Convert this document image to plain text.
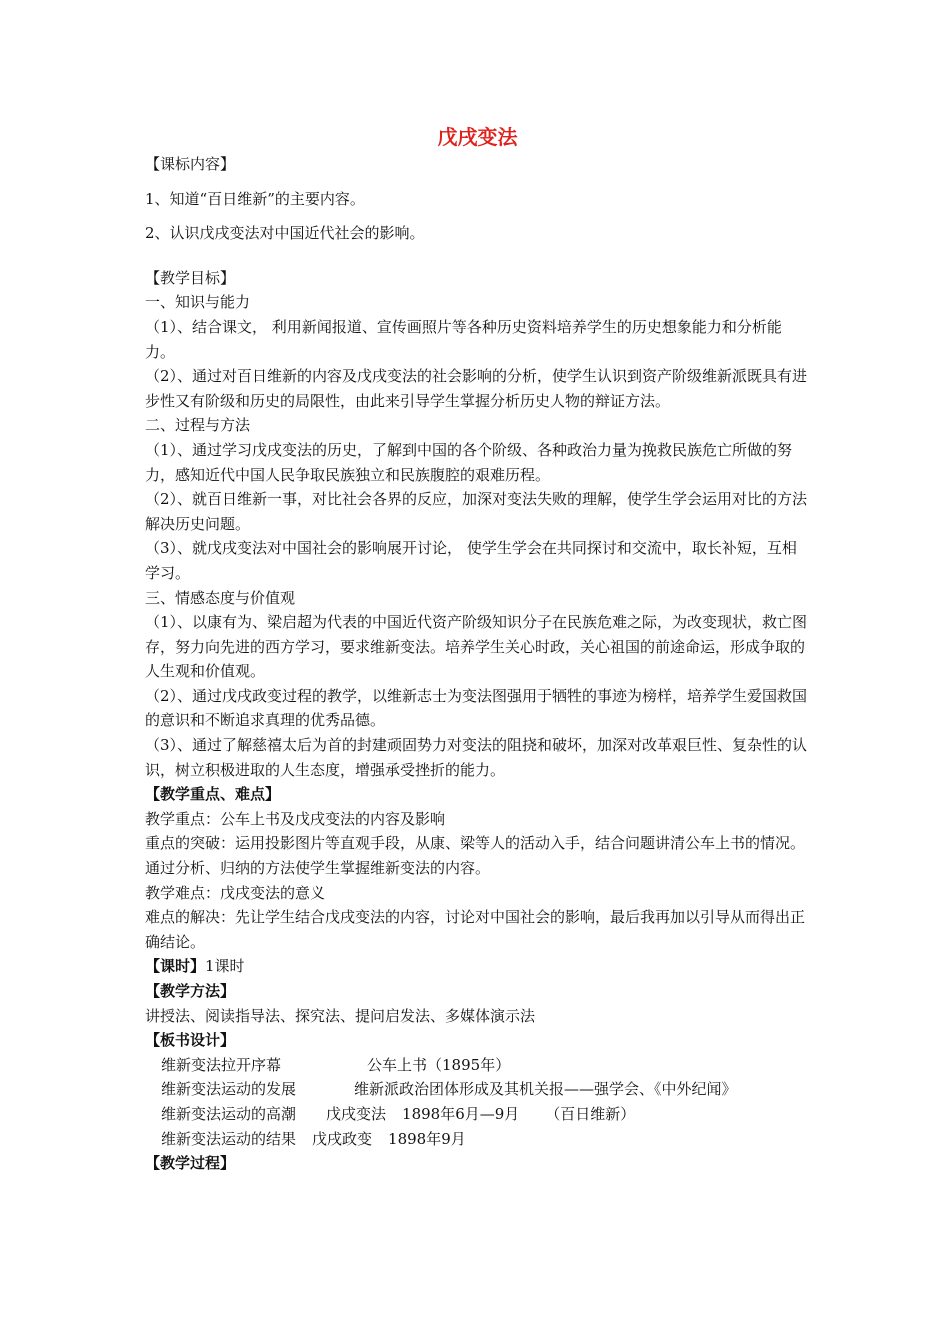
戊戌变法

【课标内容】

1、知道“百日维新”的主要内容。

2、认识戊戌变法对中国近代社会的影响。

【教学目标】

一、知识与能力

（1）、结合课文， 利用新闻报道、宣传画照片等各种历史资料培养学生的历史想象能力和分析能力。

（2）、通过对百日维新的内容及戊戌变法的社会影响的分析，使学生认识到资产阶级维新派既具有进步性又有阶级和历史的局限性，由此来引导学生掌握分析历史人物的辩证方法。

二、过程与方法

（1）、通过学习戊戌变法的历史，了解到中国的各个阶级、各种政治力量为挽救民族危亡所做的努力，感知近代中国人民争取民族独立和民族腹腔的艰难历程。

（2）、就百日维新一事，对比社会各界的反应，加深对变法失败的理解，使学生学会运用对比的方法解决历史问题。

（3）、就戊戌变法对中国社会的影响展开讨论， 使学生学会在共同探讨和交流中，取长补短，互相学习。

三、情感态度与价值观

（1）、以康有为、梁启超为代表的中国近代资产阶级知识分子在民族危难之际，为改变现状，救亡图存，努力向先进的西方学习，要求维新变法。培养学生关心时政，关心祖国的前途命运，形成争取的人生观和价值观。

（2）、通过戊戌政变过程的教学，以维新志士为变法图强用于牺牲的事迹为榜样，培养学生爱国救国的意识和不断追求真理的优秀品德。

（3）、通过了解慈禧太后为首的封建顽固势力对变法的阻挠和破坏，加深对改革艰巨性、复杂性的认识，树立积极进取的人生态度，增强承受挫折的能力。

【教学重点、难点】

教学重点：公车上书及戊戌变法的内容及影响

重点的突破：运用投影图片等直观手段，从康、梁等人的活动入手，结合问题讲清公车上书的情况。通过分析、归纳的方法使学生掌握维新变法的内容。

教学难点：戊戌变法的意义

难点的解决：先让学生结合戊戌变法的内容，讨论对中国社会的影响，最后我再加以引导从而得出正确结论。

【课时】1课时

【教学方法】

讲授法、阅读指导法、探究法、提问启发法、多媒体演示法

【板书设计】

维新变法拉开序幕	公车上书（1895年）

维新变法运动的发展	维新派政治团体形成及其机关报——强学会、《中外纪闻》

维新变法运动的高潮 戊戌变法 1898年6月—9月 （百日维新）

维新变法运动的结果 戊戌政变 1898年9月

【教学过程】
